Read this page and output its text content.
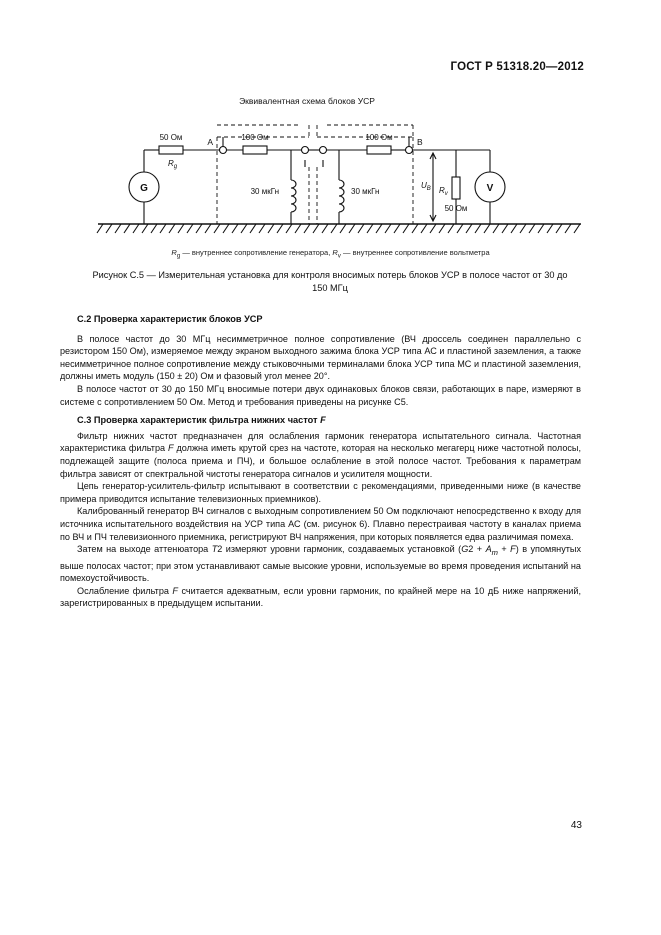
ГОСТ Р 51318.20—2012
Эквивалентная схема блоков УСР
50 Ом
$R_g$
A	100 Ом	100 Ом	B
30 мкГн	30 мкГн
G	V
$R_v$
50 Ом
$U_B$
$R_g$ — внутреннее сопротивление генератора, $R_v$ — внутреннее сопротивление вольтметра
Рисунок С.5 — Измерительная установка для контроля вносимых потерь блоков УСР в полосе частот от 30 до
150 МГц
С.2 Проверка характеристик блоков УСР

В полосе частот до 30 МГц несимметричное полное сопротивление (ВЧ дроссель соединен параллельно с резистором 150 Ом), измеряемое между экраном выходного зажима блока УСР типа АС и пластиной заземления, а также несимметричное полное сопротивление между стыковочными терминалами блока УСР типа МС и пластиной заземления, должны иметь модуль (150 ± 20) Ом и фазовый угол менее 20°.

В полосе частот от 30 до 150 МГц вносимые потери двух одинаковых блоков связи, работающих в паре, измеряют в системе с сопротивлением 50 Ом. Метод и требования приведены на рисунке С5.

С.3 Проверка характеристик фильтра нижних частот F

Фильтр нижних частот предназначен для ослабления гармоник генератора испытательного сигнала. Частотная характеристика фильтра F должна иметь крутой срез на частоте, которая на несколько мегагерц ниже частотной полосы, подлежащей защите (полоса приема и ПЧ), и большое ослабление в этой полосе частот. Требования к параметрам фильтра зависят от спектральной чистоты генератора сигналов и усилителя мощности.

Цепь генератор-усилитель-фильтр испытывают в соответствии с рекомендациями, приведенными ниже (в качестве примера приводится испытание телевизионных приемников).

Калиброванный генератор ВЧ сигналов с выходным сопротивлением 50 Ом подключают непосредственно к входу для источника испытательного воздействия на УСР типа АС (см. рисунок 6). Плавно перестраивая частоту в каналах приема по ВЧ и ПЧ телевизионного приемника, регистрируют ВЧ напряжения, при которых появляется едва различимая помеха.

Затем на выходе аттенюатора Т2 измеряют уровни гармоник, создаваемых установкой $(G2 + A_m + F)$ в упомянутых выше полосах частот; при этом устанавливают самые высокие уровни, используемые во время проведения испытаний на помехоустойчивость.

Ослабление фильтра F считается адекватным, если уровни гармоник, по крайней мере на 10 дБ ниже напряжений, зарегистрированных в предыдущем испытании.

43
